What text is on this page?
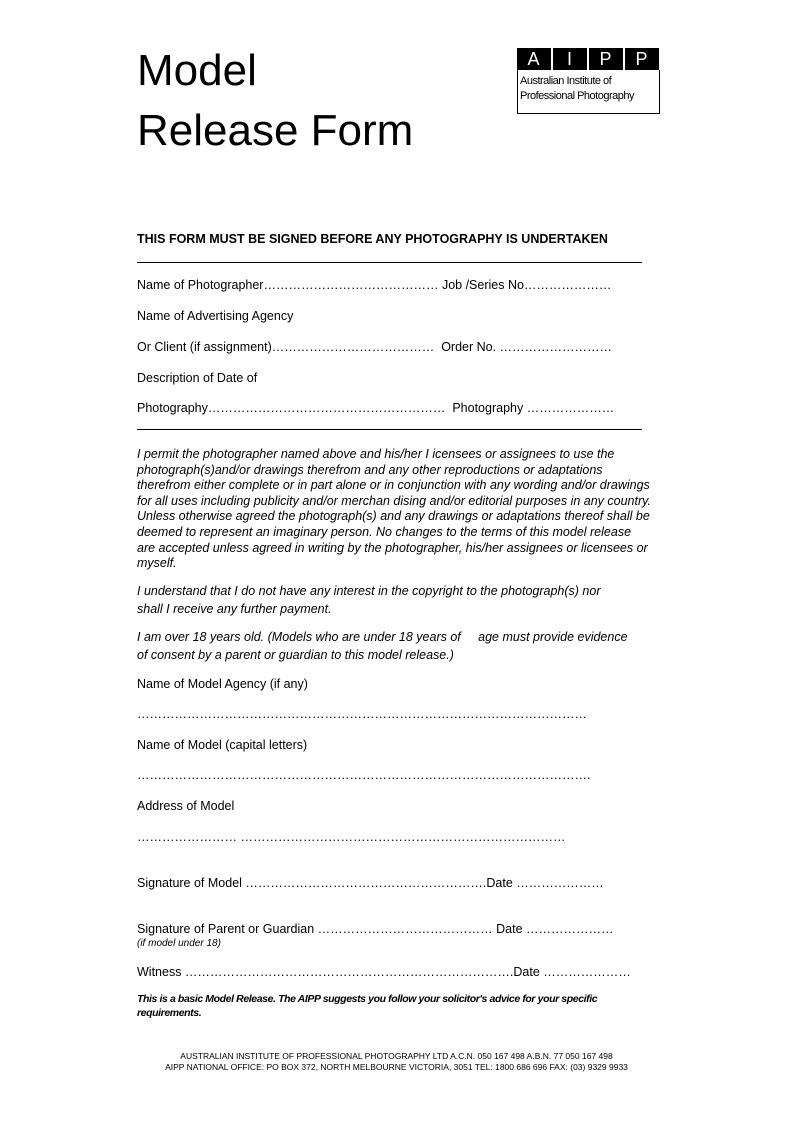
Model
Release Form
A	I	P	P
Australian Institute of
Professional Photography
THIS FORM MUST BE SIGNED BEFORE ANY PHOTOGRAPHY IS UNDERTAKEN
Name of Photographer…………………………………… Job /Series No…………………
Name of Advertising Agency
Or Client (if assignment)…………………………………  Order No. ………………………
Description of Date of
Photography…………………………………………………  Photography …………………
I permit the photographer named above and his/her I icensees or assignees to use the photograph(s)and/or drawings therefrom and any other reproductions or adaptations therefrom either complete or in part alone or in conjunction with any wording and/or drawings for all uses including publicity and/or merchan dising and/or editorial purposes in any country. Unless otherwise agreed the photograph(s) and any drawings or adaptations thereof shall be deemed to represent an imaginary person. No changes to the terms of this model release are accepted unless agreed in writing by the photographer, his/her assignees or licensees or myself.
I understand that I do not have any interest in the copyright to the photograph(s) nor
shall I receive any further payment.
I am over 18 years old. (Models who are under 18 years of     age must provide evidence
of consent by a parent or guardian to this model release.)
Name of Model Agency (if any)
………………………………………………………………………………………………
Name of Model (capital letters)
……………………………………………………………………………………………….
Address of Model
…………………… ……………………………………………………………………
Signature of Model ………………………………………………….Date …………………
Signature of Parent or Guardian …………………………………… Date …………………
(if model under 18)
Witness …………………………………………………………………….Date …………………
This is a basic Model Release. The AIPP suggests you follow your solicitor's advice for your specific requirements.
AUSTRALIAN INSTITUTE OF PROFESSIONAL PHOTOGRAPHY LTD A.C.N. 050 167 498 A.B.N. 77 050 167 498
AIPP NATIONAL OFFICE: PO BOX 372, NORTH MELBOURNE VICTORIA, 3051 TEL: 1800 686 696 FAX: (03) 9329 9933
